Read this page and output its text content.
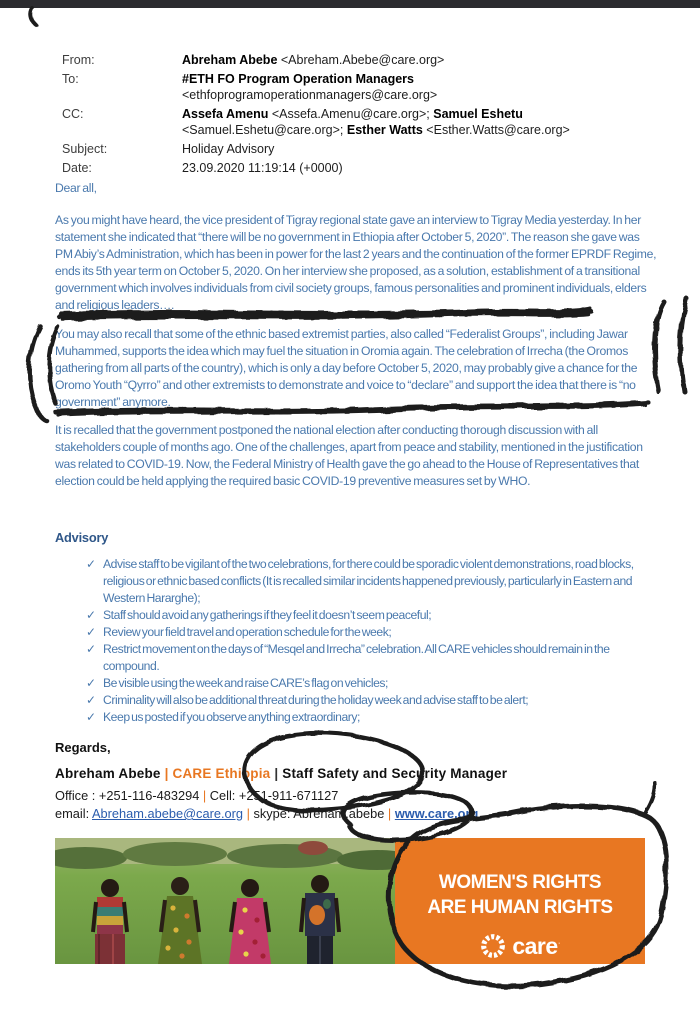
From:	Abreham Abebe <Abreham.Abebe@care.org>
To:	#ETH FO Program Operation Managers
<ethfoprogramoperationmanagers@care.org>
CC:	Assefa Amenu <Assefa.Amenu@care.org>; Samuel Eshetu
<Samuel.Eshetu@care.org>; Esther Watts <Esther.Watts@care.org>
Subject:	Holiday Advisory
Date:	23.09.2020 11:19:14 (+0000)
Dear all,
As you might have heard, the vice president of Tigray regional state gave an interview to Tigray Media yesterday. In her statement she indicated that “there will be no government in Ethiopia after October 5, 2020”. The reason she gave was PM Abiy’s Administration, which has been in power for the last 2 years and the continuation of the former EPRDF Regime, ends its 5th year term on October 5, 2020. On her interview she proposed, as a solution, establishment of a transitional government which involves individuals from civil society groups, famous personalities and prominent individuals, elders and religious leaders….
You may also recall that some of the ethnic based extremist parties, also called “Federalist Groups”, including Jawar Muhammed, supports the idea which may fuel the situation in Oromia again. The celebration of Irrecha (the Oromos gathering from all parts of the country), which is only a day before October 5, 2020, may probably give a chance for the Oromo Youth “Qyrro” and other extremists to demonstrate and voice to “declare” and support the idea that there is “no government” anymore.
It is recalled that the government postponed the national election after conducting thorough discussion with all stakeholders couple of months ago. One of the challenges, apart from peace and stability, mentioned in the justification was related to COVID-19. Now, the Federal Ministry of Health gave the go ahead to the House of Representatives that election could be held applying the required basic COVID-19 preventive measures set by WHO.
Advisory
✓ Advise staff to be vigilant of the two celebrations, for there could be sporadic violent demonstrations, road blocks, religious or ethnic based conflicts (It is recalled similar incidents happened previously, particularly in Eastern and Western Hararghe);
✓ Staff should avoid any gatherings if they feel it doesn’t seem peaceful;
✓ Review your field travel and operation schedule for the week;
✓ Restrict movement on the days of “Mesqel and Irrecha” celebration. All CARE vehicles should remain in the compound.
✓ Be visible using the week and raise CARE’s flag on vehicles;
✓ Criminality will also be additional threat during the holiday week and advise staff to be alert;
✓ Keep us posted if you observe anything extraordinary;
Regards,
Abreham Abebe | CARE Ethiopia | Staff Safety and Security Manager
Office : +251-116-483294 | Cell: +251-911-671127
email: Abreham.abebe@care.org | skype: Abreham.abebe | www.care.org
WOMEN'S RIGHTS
ARE HUMAN RIGHTS
care ˈ
